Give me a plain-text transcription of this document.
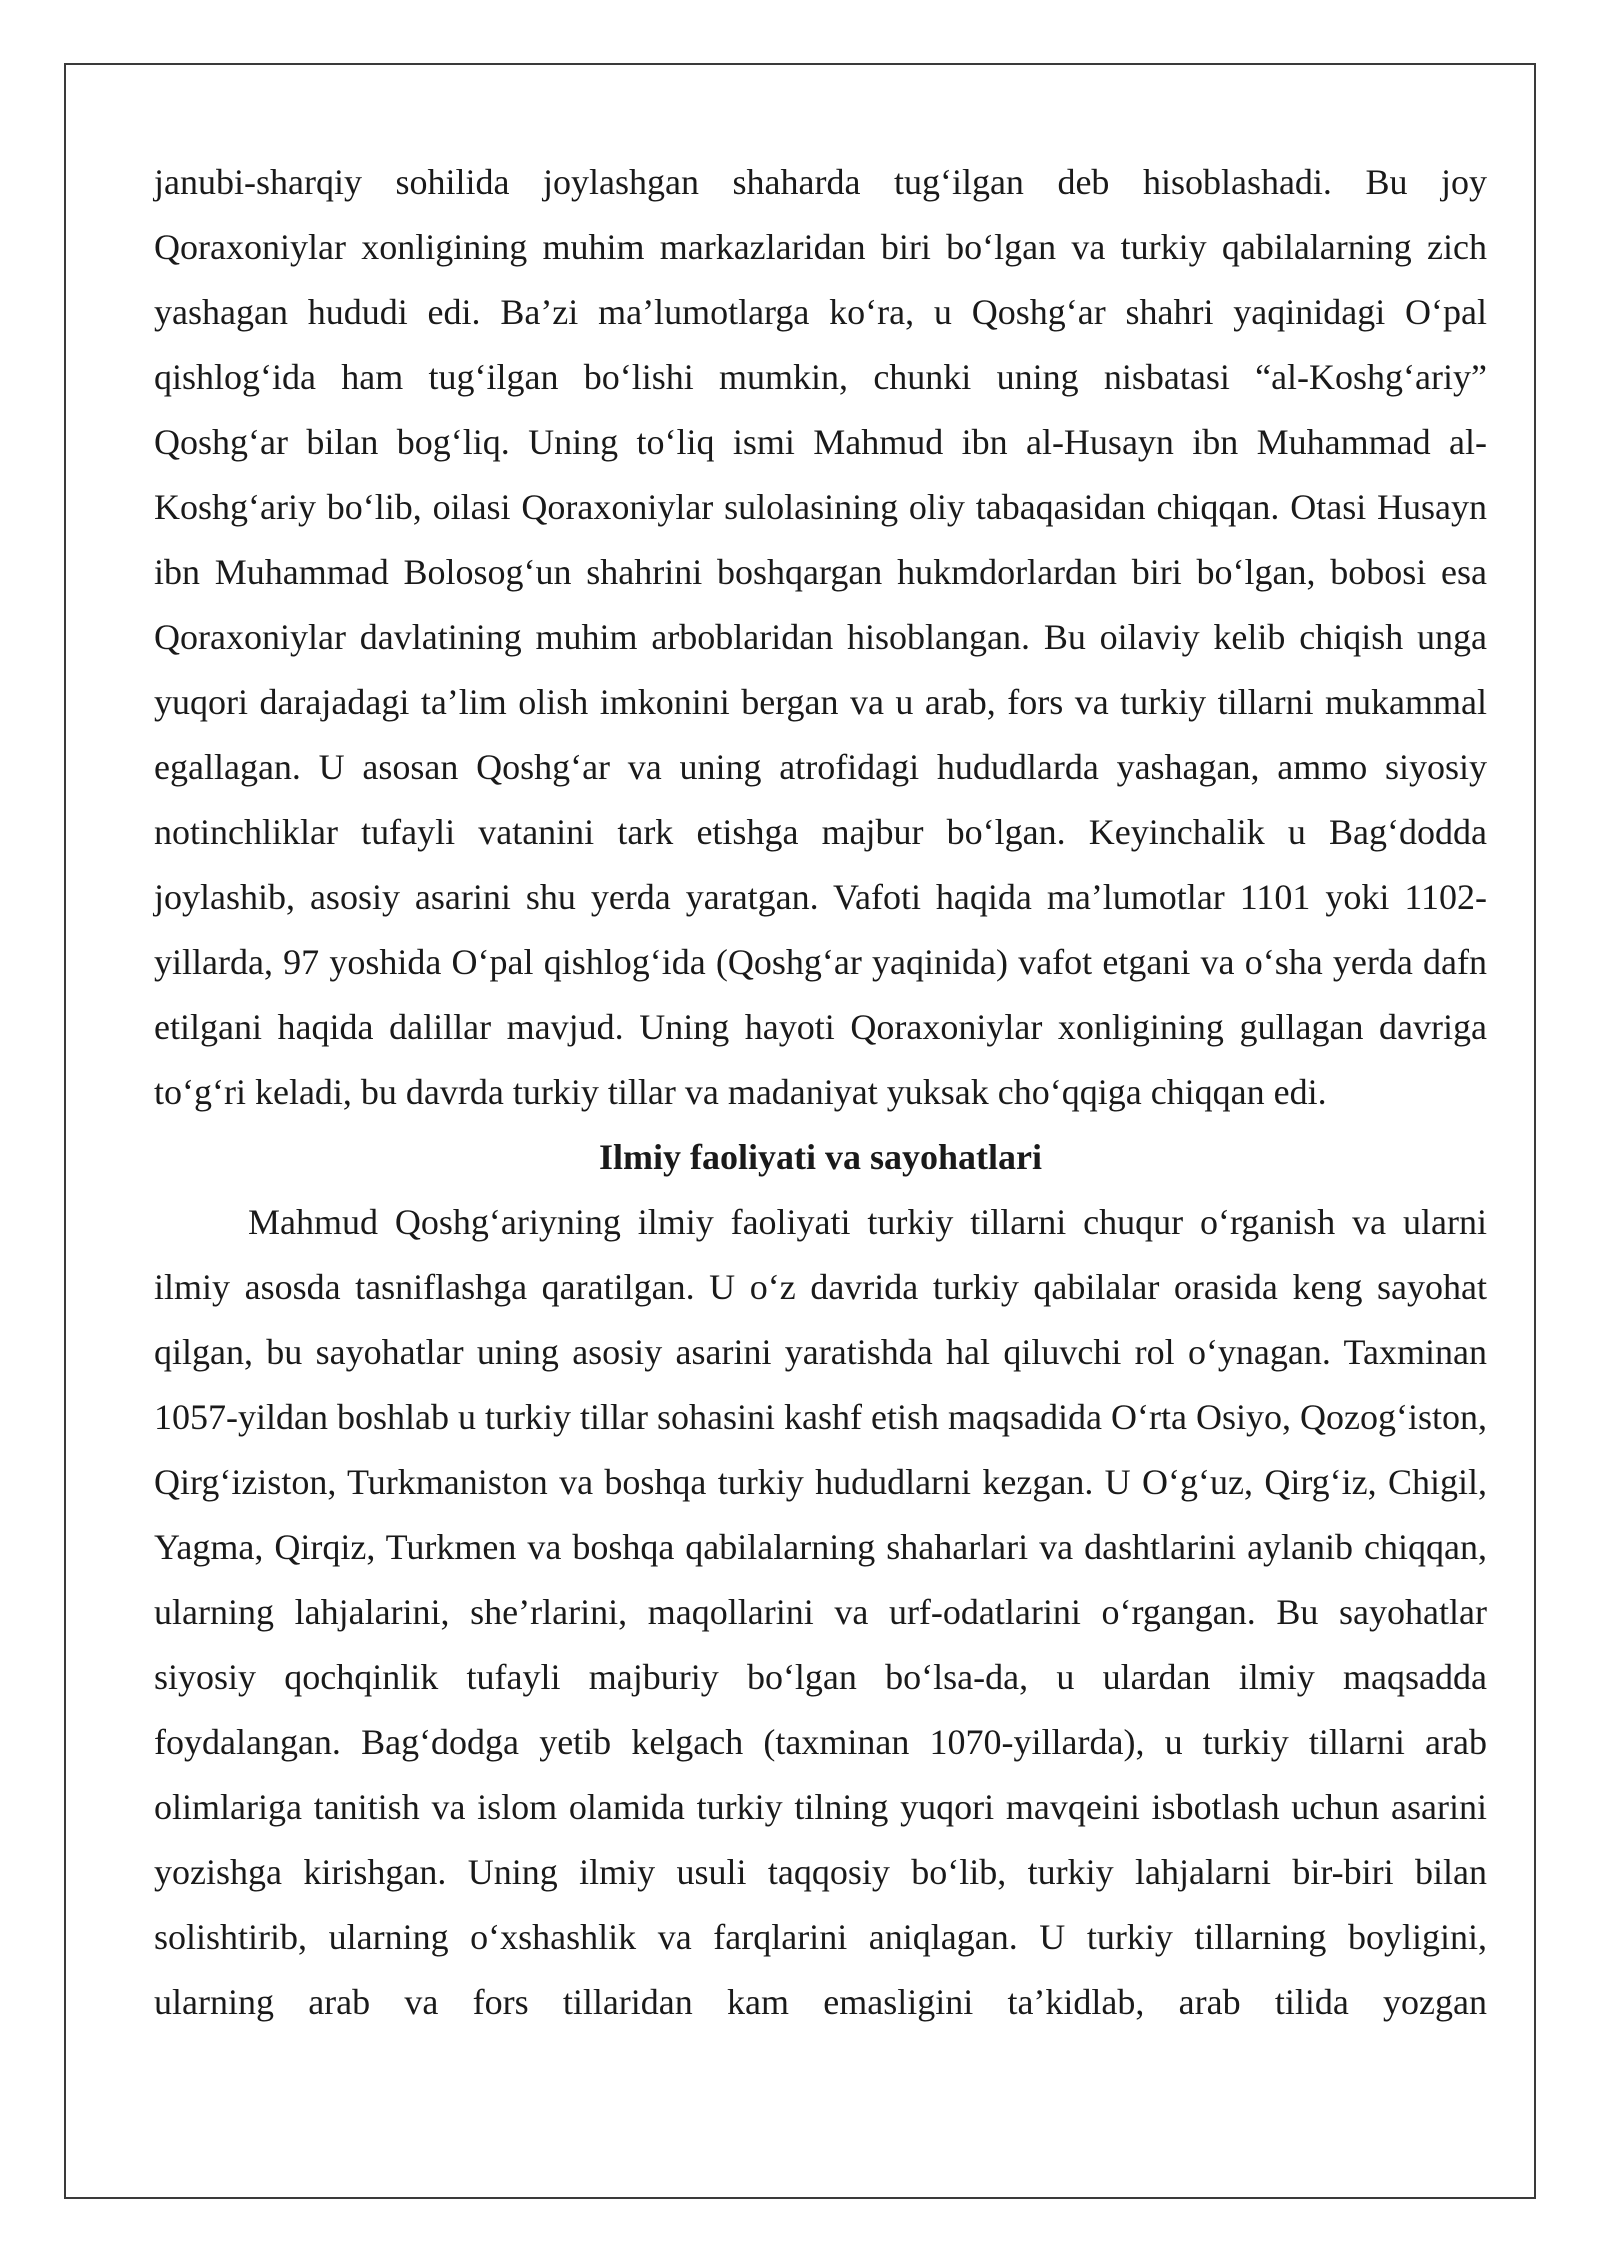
janubi-sharqiy sohilida joylashgan shaharda tug‘ilgan deb hisoblashadi. Bu joy Qoraxoniylar xonligining muhim markazlaridan biri bo‘lgan va turkiy qabilalarning zich yashagan hududi edi. Ba’zi ma’lumotlarga ko‘ra, u Qoshg‘ar shahri yaqinidagi O‘pal qishlog‘ida ham tug‘ilgan bo‘lishi mumkin, chunki uning nisbatasi “al-Koshg‘ariy” Qoshg‘ar bilan bog‘liq. Uning to‘liq ismi Mahmud ibn al-Husayn ibn Muhammad al-Koshg‘ariy bo‘lib, oilasi Qoraxoniylar sulolasining oliy tabaqasidan chiqqan. Otasi Husayn ibn Muhammad Bolosog‘un shahrini boshqargan hukmdorlardan biri bo‘lgan, bobosi esa Qoraxoniylar davlatining muhim arboblaridan hisoblangan. Bu oilaviy kelib chiqish unga yuqori darajadagi ta’lim olish imkonini bergan va u arab, fors va turkiy tillarni mukammal egallagan. U asosan Qoshg‘ar va uning atrofidagi hududlarda yashagan, ammo siyosiy notinchliklar tufayli vatanini tark etishga majbur bo‘lgan. Keyinchalik u Bag‘dodda joylashib, asosiy asarini shu yerda yaratgan. Vafoti haqida ma’lumotlar 1101 yoki 1102-yillarda, 97 yoshida O‘pal qishlog‘ida (Qoshg‘ar yaqinida) vafot etgani va o‘sha yerda dafn etilgani haqida dalillar mavjud. Uning hayoti Qoraxoniylar xonligining gullagan davriga to‘g‘ri keladi, bu davrda turkiy tillar va madaniyat yuksak cho‘qqiga chiqqan edi.

Ilmiy faoliyati va sayohatlari

Mahmud Qoshg‘ariyning ilmiy faoliyati turkiy tillarni chuqur o‘rganish va ularni ilmiy asosda tasniflashga qaratilgan. U o‘z davrida turkiy qabilalar orasida keng sayohat qilgan, bu sayohatlar uning asosiy asarini yaratishda hal qiluvchi rol o‘ynagan. Taxminan 1057-yildan boshlab u turkiy tillar sohasini kashf etish maqsadida O‘rta Osiyo, Qozog‘iston, Qirg‘iziston, Turkmaniston va boshqa turkiy hududlarni kezgan. U O‘g‘uz, Qirg‘iz, Chigil, Yagma, Qirqiz, Turkmen va boshqa qabilalarning shaharlari va dashtlarini aylanib chiqqan, ularning lahjalarini, she’rlarini, maqollarini va urf-odatlarini o‘rgangan. Bu sayohatlar siyosiy qochqinlik tufayli majburiy bo‘lgan bo‘lsa-da, u ulardan ilmiy maqsadda foydalangan. Bag‘dodga yetib kelgach (taxminan 1070-yillarda), u turkiy tillarni arab olimlariga tanitish va islom olamida turkiy tilning yuqori mavqeini isbotlash uchun asarini yozishga kirishgan. Uning ilmiy usuli taqqosiy bo‘lib, turkiy lahjalarni bir-biri bilan solishtirib, ularning o‘xshashlik va farqlarini aniqlagan. U turkiy tillarning boyligini, ularning arab va fors tillaridan kam emasligini ta’kidlab, arab tilida yozgan
